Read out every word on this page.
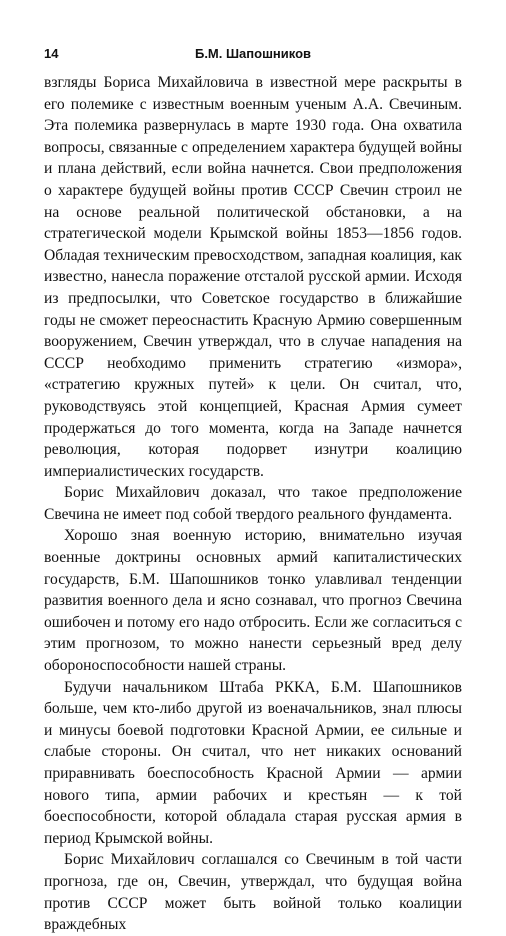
14	Б.М. Шапошников

взгляды Бориса Михайловича в известной мере раскрыты в его полемике с известным военным ученым А.А. Свечиным. Эта полемика развернулась в марте 1930 года. Она охватила вопросы, связанные с определением характера будущей войны и плана действий, если война начнется. Свои предположения о характере будущей войны против СССР Свечин строил не на основе реальной политической обстановки, а на стратегической модели Крымской войны 1853—1856 годов. Обладая техническим превосходством, западная коалиция, как известно, нанесла поражение отсталой русской армии. Исходя из предпосылки, что Советское государство в ближайшие годы не сможет переоснастить Красную Армию совершенным вооружением, Свечин утверждал, что в случае нападения на СССР необходимо применить стратегию «измора», «стратегию кружных путей» к цели. Он считал, что, руководствуясь этой концепцией, Красная Армия сумеет продержаться до того момента, когда на Западе начнется революция, которая подорвет изнутри коалицию империалистических государств.

Борис Михайлович доказал, что такое предположение Свечина не имеет под собой твердого реального фундамента.

Хорошо зная военную историю, внимательно изучая военные доктрины основных армий капиталистических государств, Б.М. Шапошников тонко улавливал тенденции развития военного дела и ясно сознавал, что прогноз Свечина ошибочен и потому его надо отбросить. Если же согласиться с этим прогнозом, то можно нанести серьезный вред делу обороноспособности нашей страны.

Будучи начальником Штаба РККА, Б.М. Шапошников больше, чем кто-либо другой из военачальников, знал плюсы и минусы боевой подготовки Красной Армии, ее сильные и слабые стороны. Он считал, что нет никаких оснований приравнивать боеспособность Красной Армии — армии нового типа, армии рабочих и крестьян — к той боеспособности, которой обладала старая русская армия в период Крымской войны.

Борис Михайлович соглашался со Свечиным в той части прогноза, где он, Свечин, утверждал, что будущая война против СССР может быть войной только коалиции враждебных
